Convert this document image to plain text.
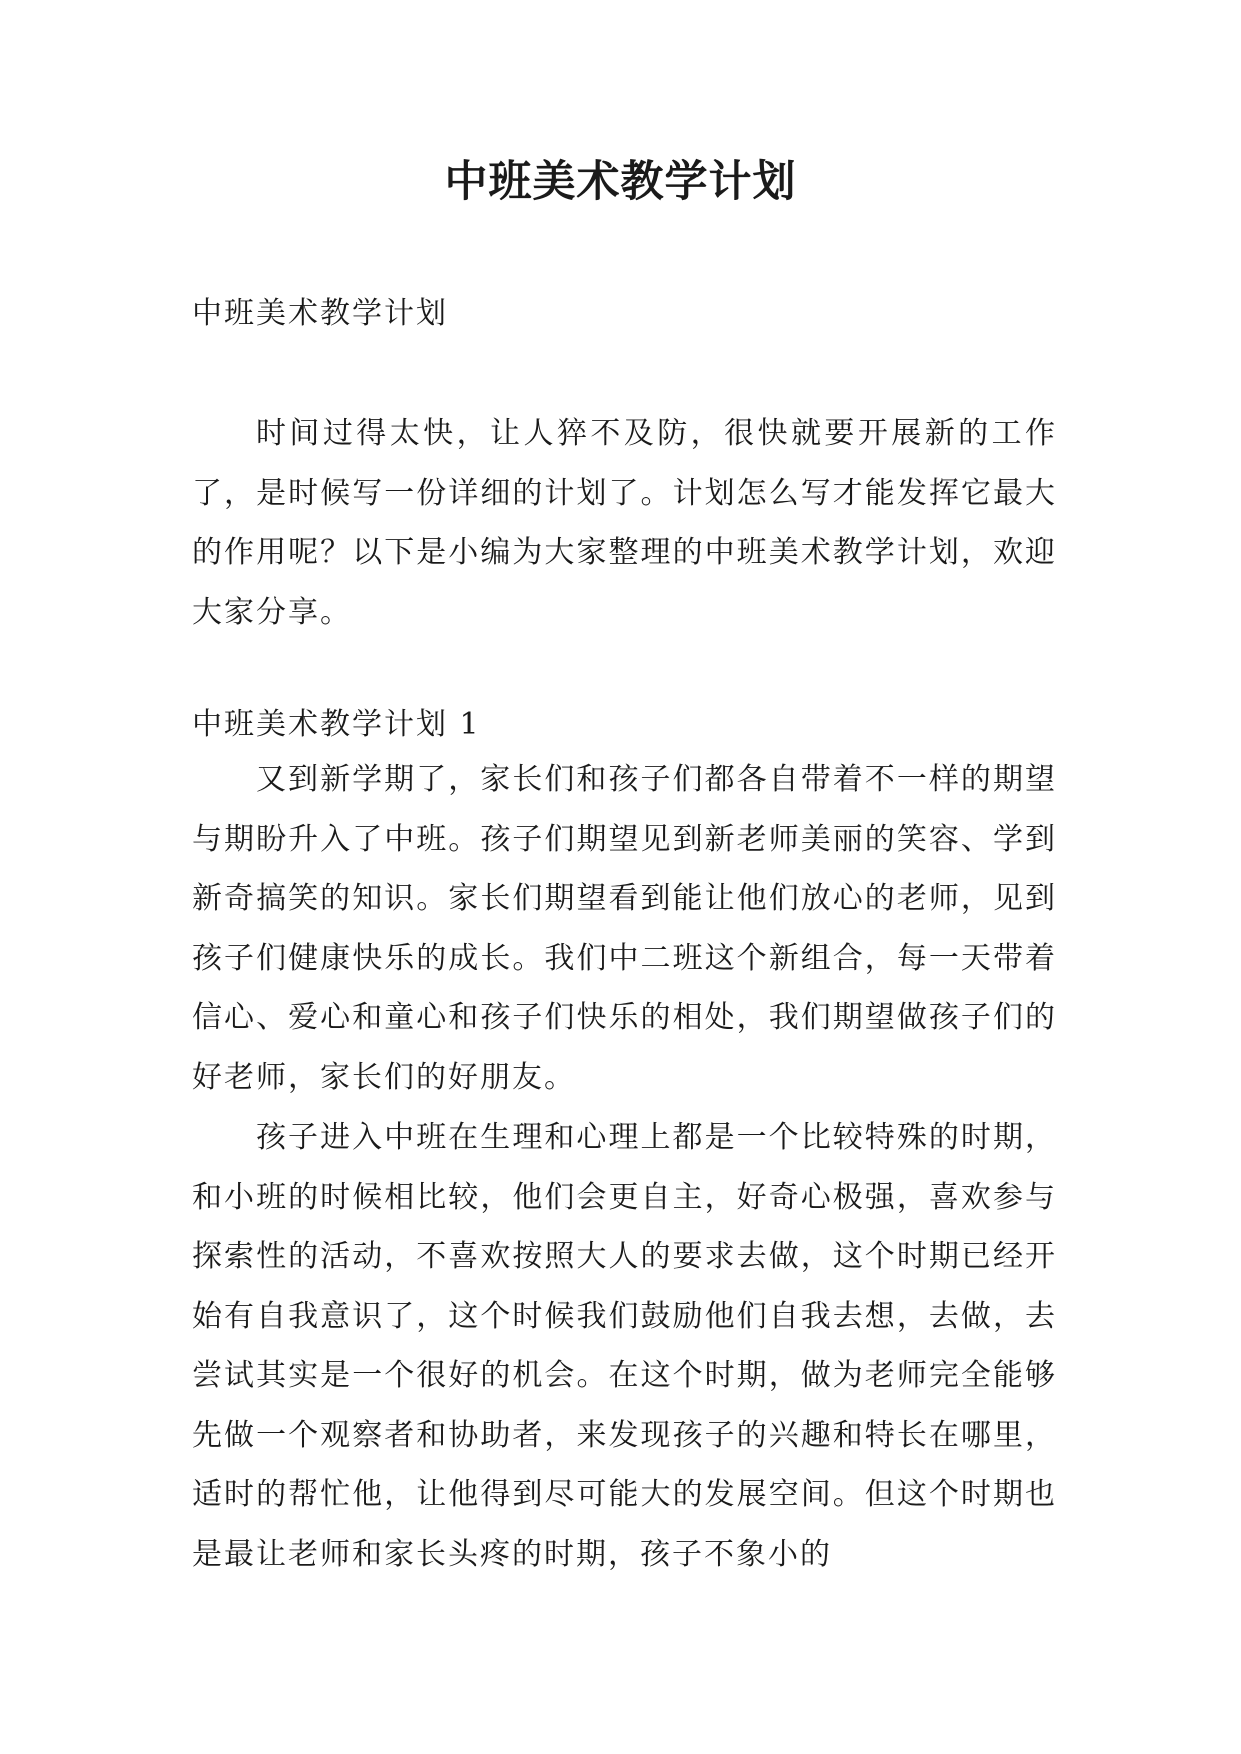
中班美术教学计划

中班美术教学计划

时间过得太快，让人猝不及防，很快就要开展新的工作了，是时候写一份详细的计划了。计划怎么写才能发挥它最大的作用呢？以下是小编为大家整理的中班美术教学计划，欢迎大家分享。

中班美术教学计划 1

又到新学期了，家长们和孩子们都各自带着不一样的期望与期盼升入了中班。孩子们期望见到新老师美丽的笑容、学到新奇搞笑的知识。家长们期望看到能让他们放心的老师，见到孩子们健康快乐的成长。我们中二班这个新组合，每一天带着信心、爱心和童心和孩子们快乐的相处，我们期望做孩子们的好老师，家长们的好朋友。

孩子进入中班在生理和心理上都是一个比较特殊的时期，和小班的时候相比较，他们会更自主，好奇心极强，喜欢参与探索性的活动，不喜欢按照大人的要求去做，这个时期已经开始有自我意识了，这个时候我们鼓励他们自我去想，去做，去尝试其实是一个很好的机会。在这个时期，做为老师完全能够先做一个观察者和协助者，来发现孩子的兴趣和特长在哪里，适时的帮忙他，让他得到尽可能大的发展空间。但这个时期也是最让老师和家长头疼的时期，孩子不象小的
